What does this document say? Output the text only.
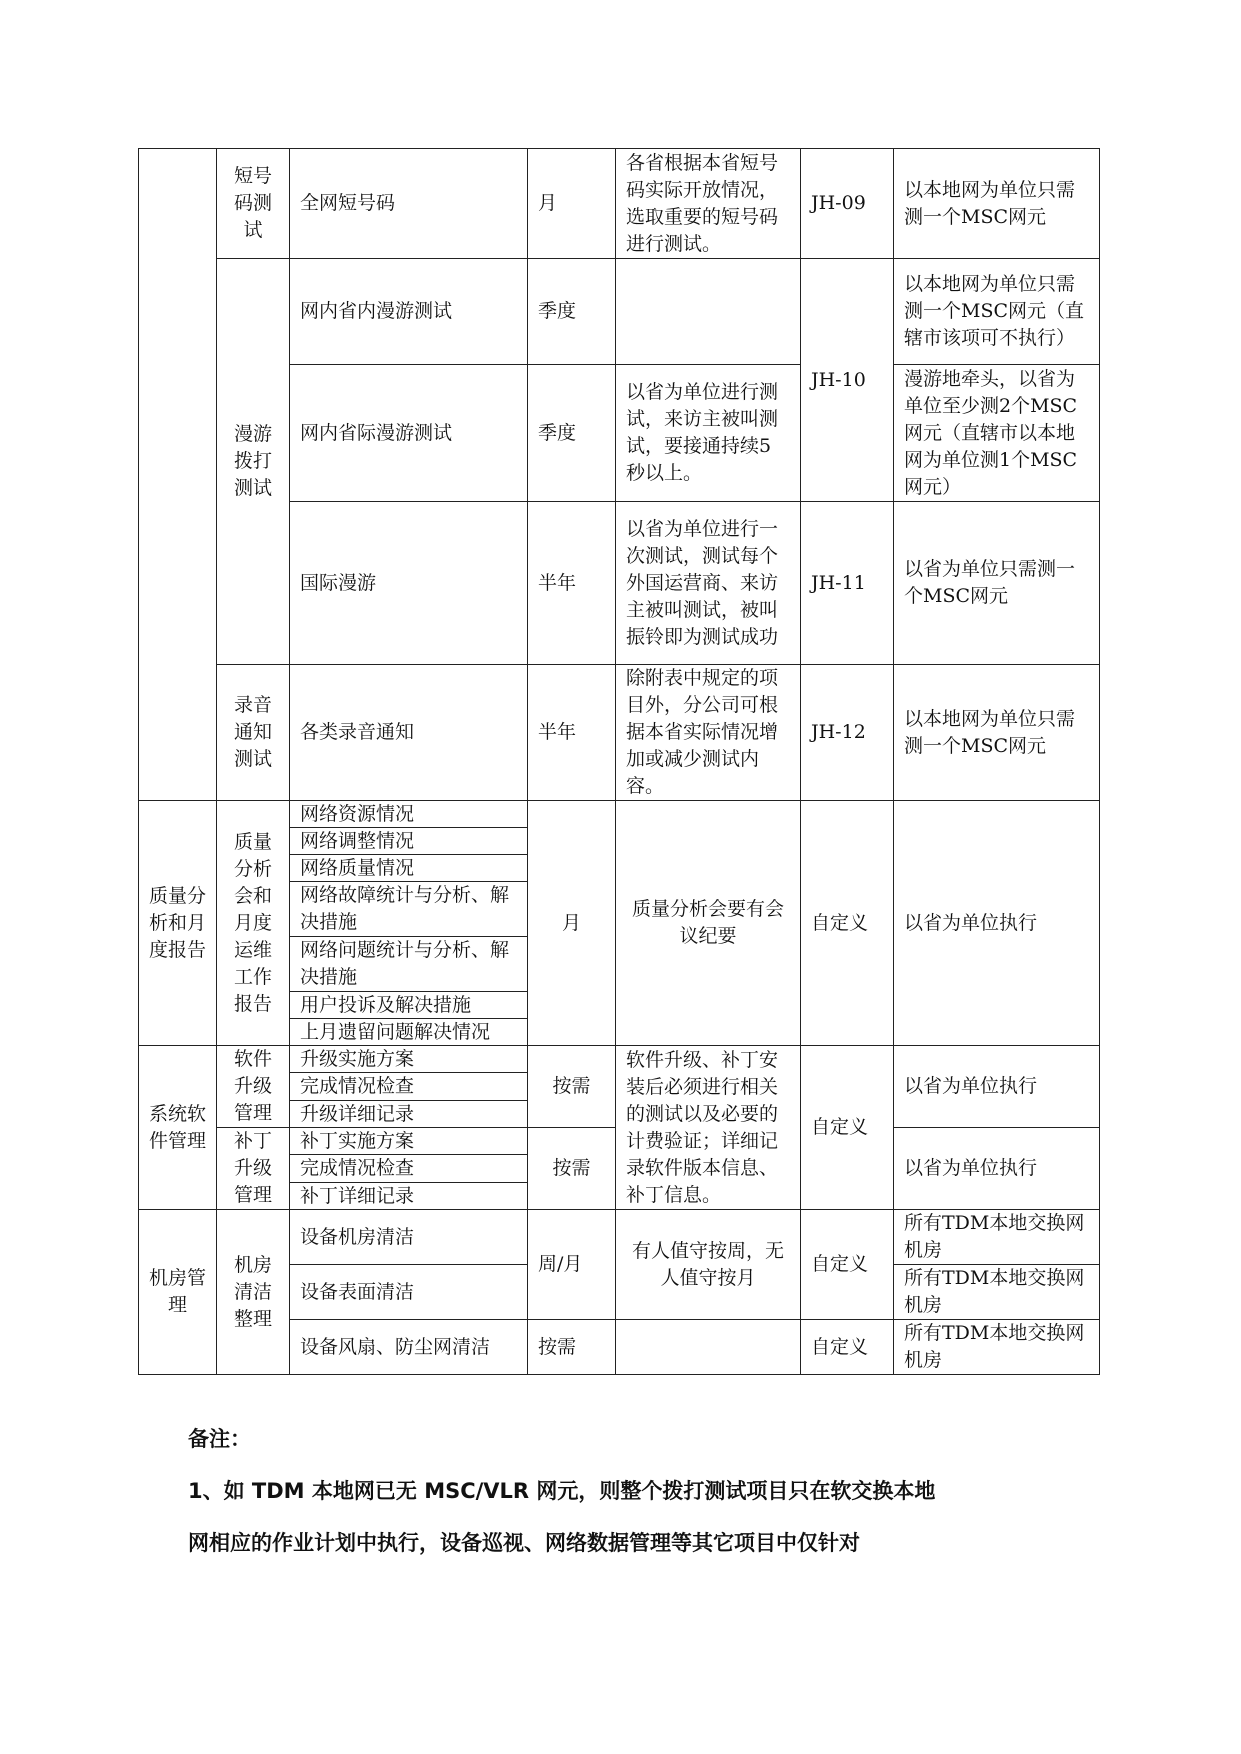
	短号码测试	全网短号码	月	各省根据本省短号码实际开放情况，选取重要的短号码进行测试。	JH-09	以本地网为单位只需测一个MSC网元
	漫游拨打测试	网内省内漫游测试	季度		JH-10	以本地网为单位只需测一个MSC网元（直辖市该项可不执行）
		网内省际漫游测试	季度	以省为单位进行测试，来访主被叫测试，要接通持续5秒以上。		漫游地牵头，以省为单位至少测2个MSC网元（直辖市以本地网为单位测1个MSC网元）
		国际漫游	半年	以省为单位进行一次测试，测试每个外国运营商、来访主被叫测试，被叫振铃即为测试成功	JH-11	以省为单位只需测一个MSC网元
	录音通知测试	各类录音通知	半年	除附表中规定的项目外，分公司可根据本省实际情况增加或减少测试内容。	JH-12	以本地网为单位只需测一个MSC网元
质量分析和月度报告	质量分析会和月度运维工作报告	网络资源情况	月	质量分析会要有会议纪要	自定义	以省为单位执行
		网络调整情况				
		网络质量情况				
		网络故障统计与分析、解决措施				
		网络问题统计与分析、解决措施				
		用户投诉及解决措施				
		上月遗留问题解决情况				
系统软件管理	软件升级管理	升级实施方案	按需	软件升级、补丁安装后必须进行相关的测试以及必要的计费验证；详细记录软件版本信息、补丁信息。	自定义	以省为单位执行
		完成情况检查				
		升级详细记录				
	补丁升级管理	补丁实施方案	按需			以省为单位执行
		完成情况检查				
		补丁详细记录				
机房管理	机房清洁整理	设备机房清洁	周/月	有人值守按周，无人值守按月	自定义	所有TDM本地交换网机房
		设备表面清洁				所有TDM本地交换网机房
		设备风扇、防尘网清洁	按需		自定义	所有TDM本地交换网机房
备注：
1、如 TDM 本地网已无 MSC/VLR 网元，则整个拨打测试项目只在软交换本地
网相应的作业计划中执行，设备巡视、网络数据管理等其它项目中仅针对
